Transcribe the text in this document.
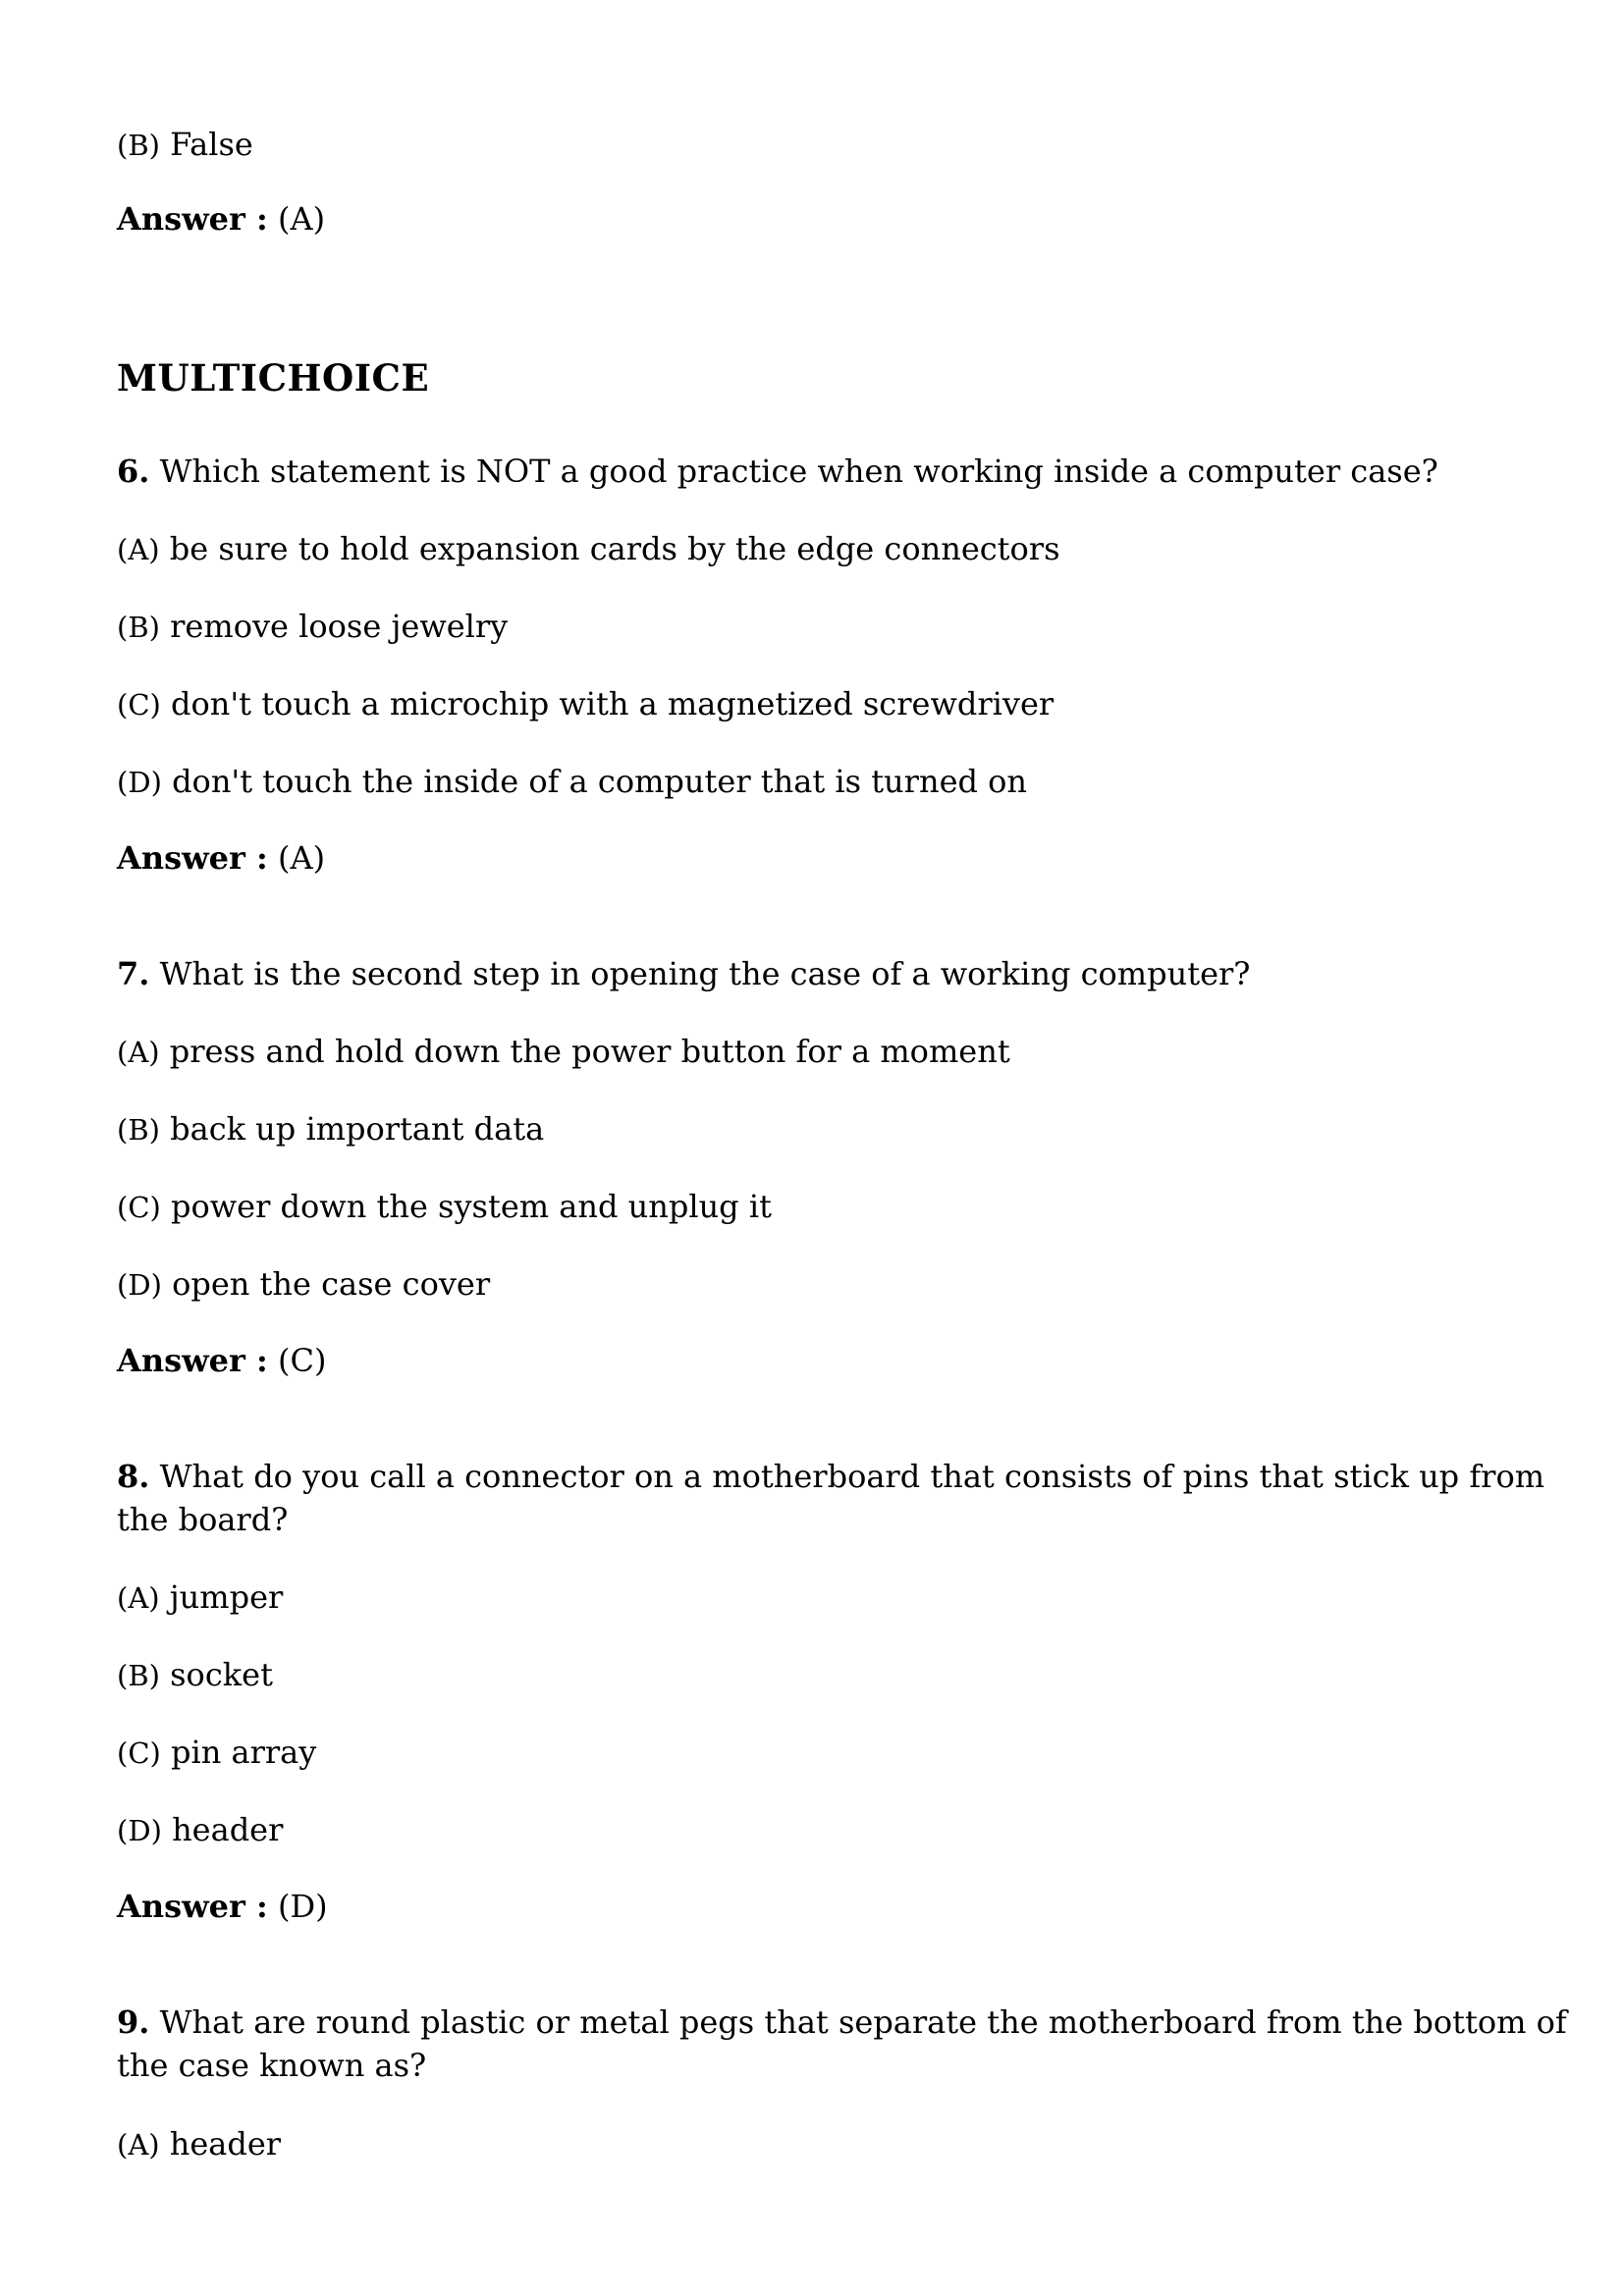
(B) False
Answer : (A)
MULTICHOICE
6. Which statement is NOT a good practice when working inside a computer case?
(A) be sure to hold expansion cards by the edge connectors
(B) remove loose jewelry
(C) don't touch a microchip with a magnetized screwdriver
(D) don't touch the inside of a computer that is turned on
Answer : (A)
7. What is the second step in opening the case of a working computer?
(A) press and hold down the power button for a moment
(B) back up important data
(C) power down the system and unplug it
(D) open the case cover
Answer : (C)
8. What do you call a connector on a motherboard that consists of pins that stick up from
the board?
(A) jumper
(B) socket
(C) pin array
(D) header
Answer : (D)
9. What are round plastic or metal pegs that separate the motherboard from the bottom of
the case known as?
(A) header
